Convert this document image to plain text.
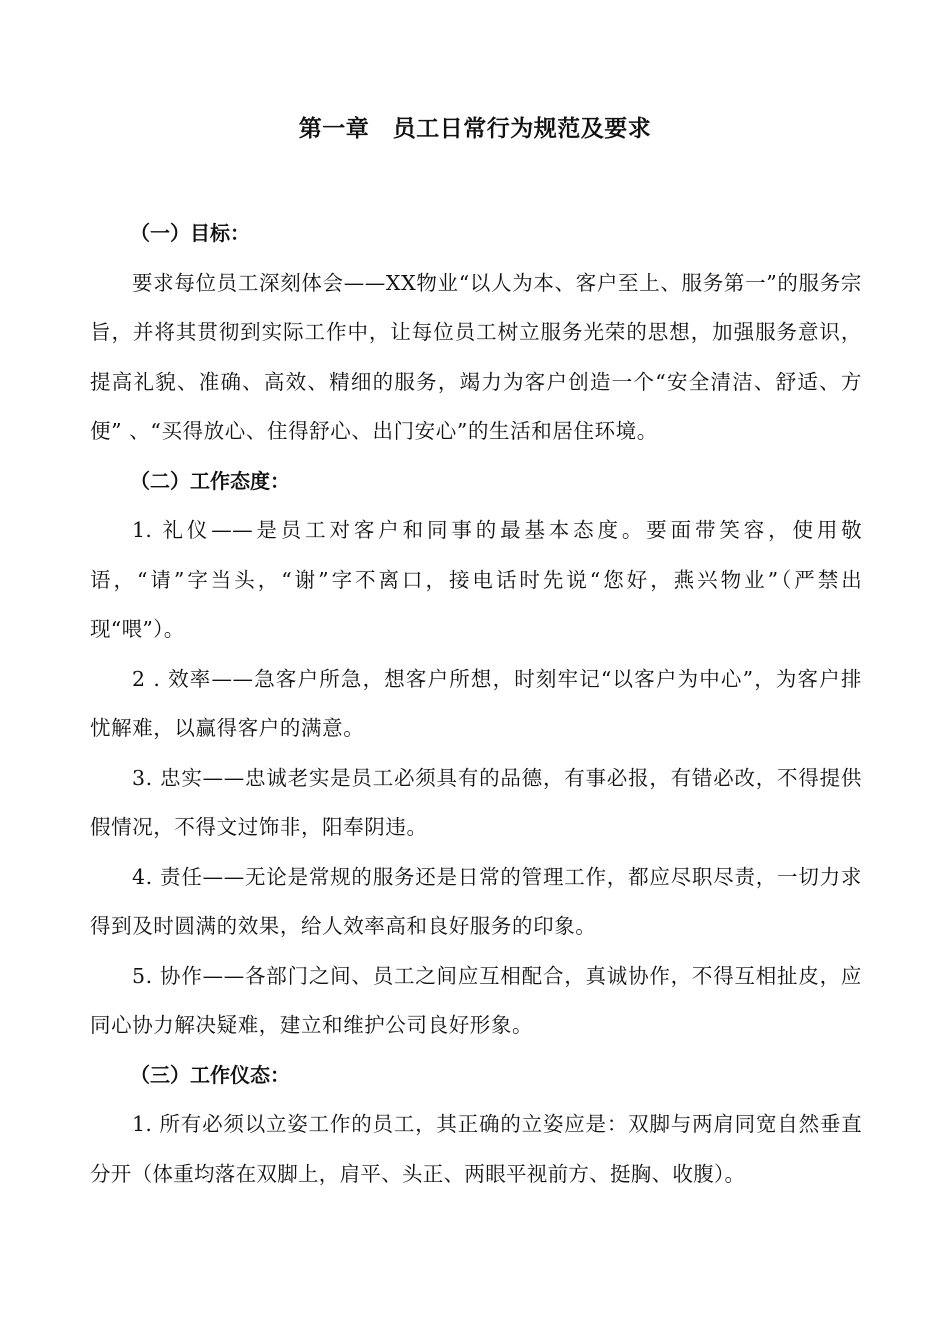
第一章　员工日常行为规范及要求

（一）目标：

要求每位员工深刻体会——XX物业“以人为本、客户至上、服务第一”的服务宗旨，并将其贯彻到实际工作中，让每位员工树立服务光荣的思想，加强服务意识，提高礼貌、准确、高效、精细的服务，竭力为客户创造一个“安全清洁、舒适、方便” 、“买得放心、住得舒心、出门安心”的生活和居住环境。

（二）工作态度：

1. 礼仪——是员工对客户和同事的最基本态度。要面带笑容，使用敬语，“请”字当头，“谢”字不离口，接电话时先说“您好，燕兴物业”（严禁出现“喂”）。

2 . 效率——急客户所急，想客户所想，时刻牢记“以客户为中心”，为客户排忧解难，以赢得客户的满意。

3. 忠实——忠诚老实是员工必须具有的品德，有事必报，有错必改，不得提供假情况，不得文过饰非，阳奉阴违。

4. 责任——无论是常规的服务还是日常的管理工作，都应尽职尽责，一切力求得到及时圆满的效果，给人效率高和良好服务的印象。

5. 协作——各部门之间、员工之间应互相配合，真诚协作，不得互相扯皮，应同心协力解决疑难，建立和维护公司良好形象。

（三）工作仪态：

1. 所有必须以立姿工作的员工，其正确的立姿应是：双脚与两肩同宽自然垂直分开（体重均落在双脚上，肩平、头正、两眼平视前方、挺胸、收腹）。
